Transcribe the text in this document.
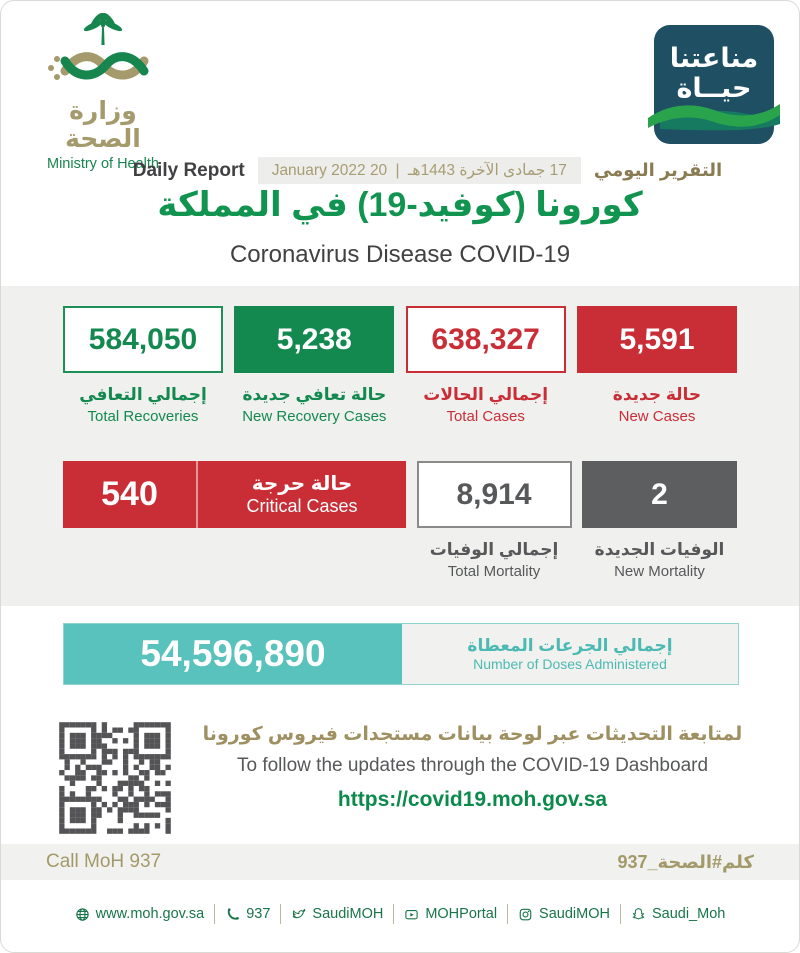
وزارة الصحة
Ministry of Health
مناعتنا
حيــاة
Daily Report	17 جمادى الآخرة 1443هـ | 20 January 2022	التقرير اليومي
كورونا (كوفيد-19) في المملكة
Coronavirus Disease COVID-19
584,050
إجمالي التعافي
Total Recoveries
5,238
حالة تعافي جديدة
New Recovery Cases
638,327
إجمالي الحالات
Total Cases
5,591
حالة جديدة
New Cases
540	حالة حرجة
Critical Cases	8,914
إجمالي الوفيات
Total Mortality
2
الوفيات الجديدة
New Mortality
54,596,890	إجمالي الجرعات المعطاة
Number of Doses Administered
لمتابعة التحديثات عبر لوحة بيانات مستجدات فيروس كورونا
To follow the updates through the COVID-19 Dashboard
https://covid19.moh.gov.sa
Call MoH 937	كلم#الصحة_937
www.moh.gov.sa	937	SaudiMOH	MOHPortal	SaudiMOH	Saudi_Moh
